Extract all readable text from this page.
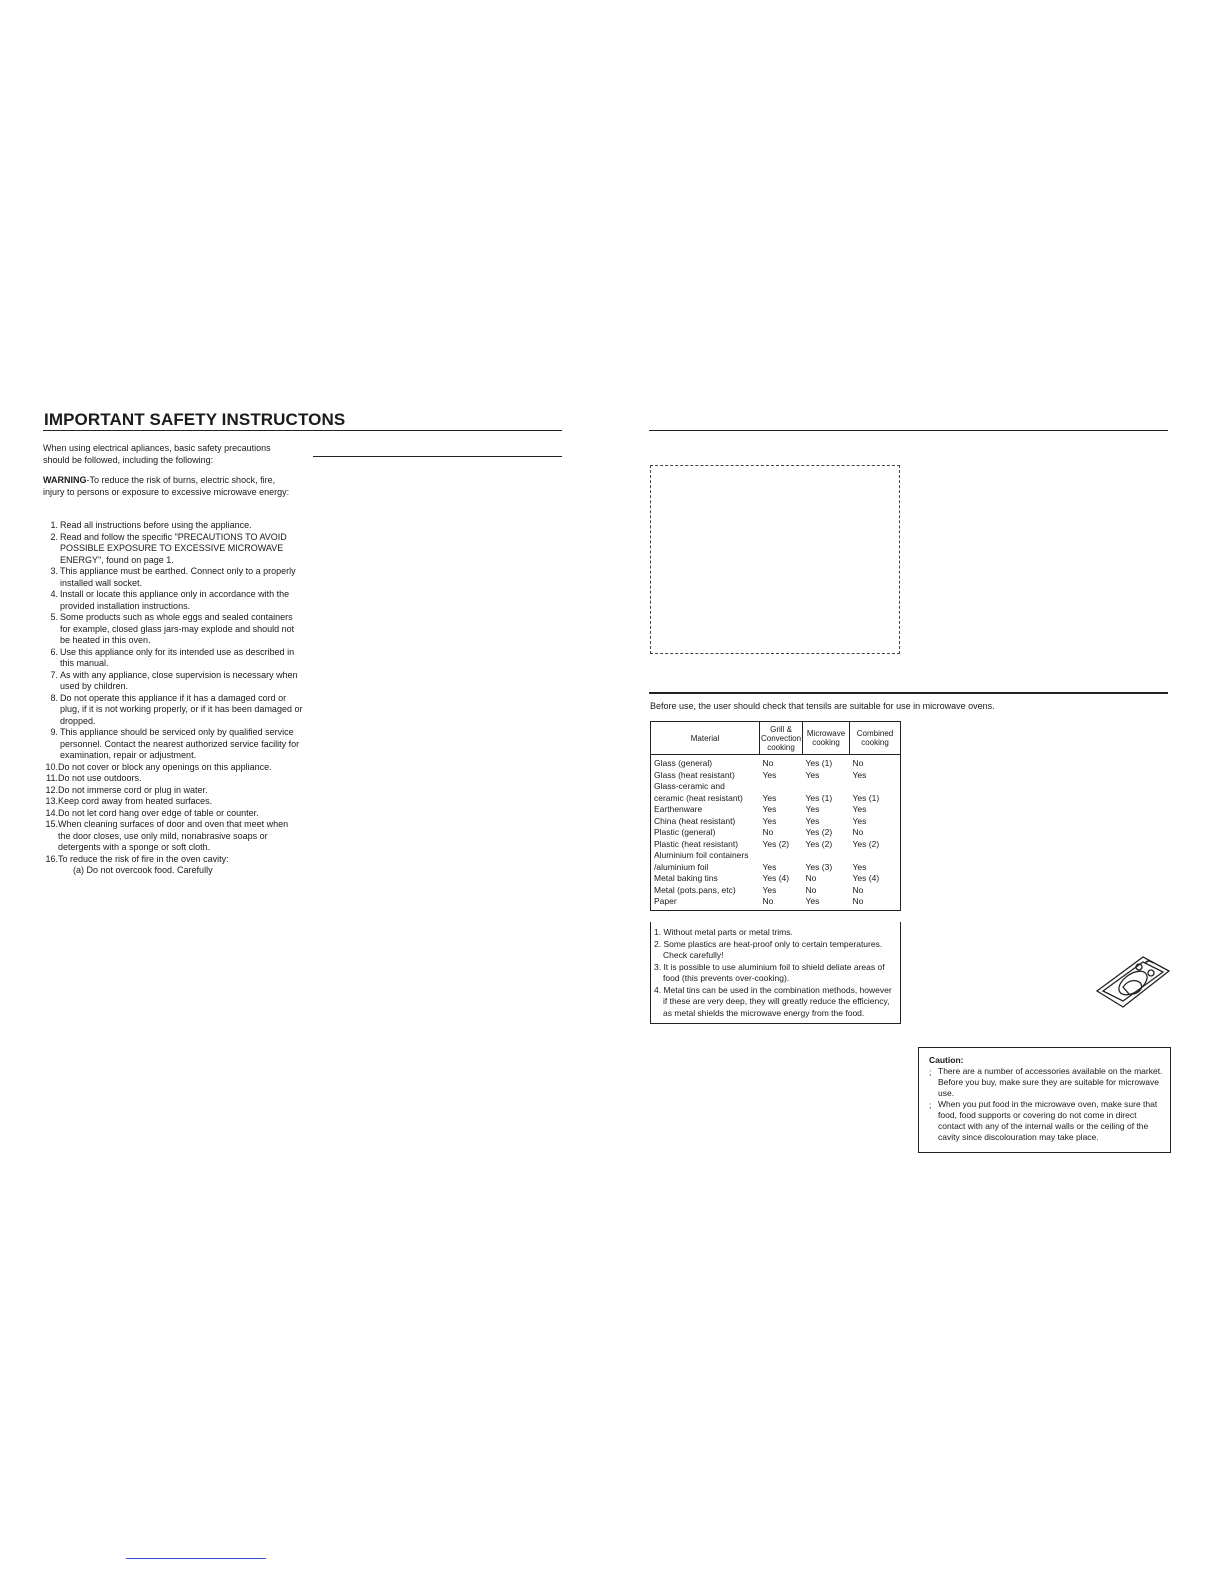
IMPORTANT SAFETY INSTRUCTONS
When using electrical apliances, basic safety precautions should be followed, including the following:
WARNING-To reduce the risk of burns, electric shock, fire, injury to persons or exposure to excessive microwave energy:
1. Read all instructions before using the appliance.
2. Read and follow the specific "PRECAUTIONS TO AVOID POSSIBLE EXPOSURE TO EXCESSIVE MICROWAVE ENERGY", found on page 1.
3. This appliance must be earthed. Connect only to a properly installed wall socket.
4. Install or locate this appliance only in accordance with the provided installation instructions.
5. Some products such as whole eggs and sealed containers for example, closed glass jars-may explode and should not be heated in this oven.
6. Use this appliance only for its intended use as described in this manual.
7. As with any appliance, close supervision is necessary when used by children.
8. Do not operate this appliance if it has a damaged cord or plug, if it is not working properly, or if it has been damaged or dropped.
9. This appliance should be serviced only by qualified service personnel. Contact the nearest authorized service facility for examination, repair or adjustment.
10. Do not cover or block any openings on this appliance.
11. Do not use outdoors.
12. Do not immerse cord or plug in water.
13. Keep cord away from heated surfaces.
14. Do not let cord hang over edge of table or counter.
15. When cleaning surfaces of door and oven that meet when the door closes, use only mild, nonabrasive soaps or detergents with a sponge or soft cloth.
16. To reduce the risk of fire in the oven cavity:
(a) Do not overcook food. Carefully
Before use, the user should check that tensils are suitable for use in microwave ovens.
Material	Grill & Convection cooking	Microwave cooking	Combined cooking
Glass (general)	No	Yes (1)	No
Glass (heat resistant)	Yes	Yes	Yes
Glass-ceramic and			
ceramic (heat resistant)	Yes	Yes (1)	Yes (1)
Earthenware	Yes	Yes	Yes
China (heat resistant)	Yes	Yes	Yes
Plastic (general)	No	Yes (2)	No
Plastic (heat resistant)	Yes (2)	Yes (2)	Yes (2)
Aluminium foil containers			
/aluminium foil	Yes	Yes (3)	Yes
Metal baking tins	Yes (4)	No	Yes (4)
Metal (pots.pans, etc)	Yes	No	No
Paper	No	Yes	No
1. Without metal parts or metal trims.
2. Some plastics are heat-proof only to certain temperatures. Check carefully!
3. It is possible to use aluminium foil to shield deliate areas of food (this prevents over-cooking).
4. Metal tins can be used in the combination methods, however if these are very deep, they will greatly reduce the efficiency, as metal shields the microwave energy from the food.
Caution:
; There are a number of accessories available on the market. Before you buy, make sure they are suitable for microwave use.
; When you put food in the microwave oven, make sure that food, food supports or covering do not come in direct contact with any of the internal walls or the ceiling of the cavity since discolouration may take place.
